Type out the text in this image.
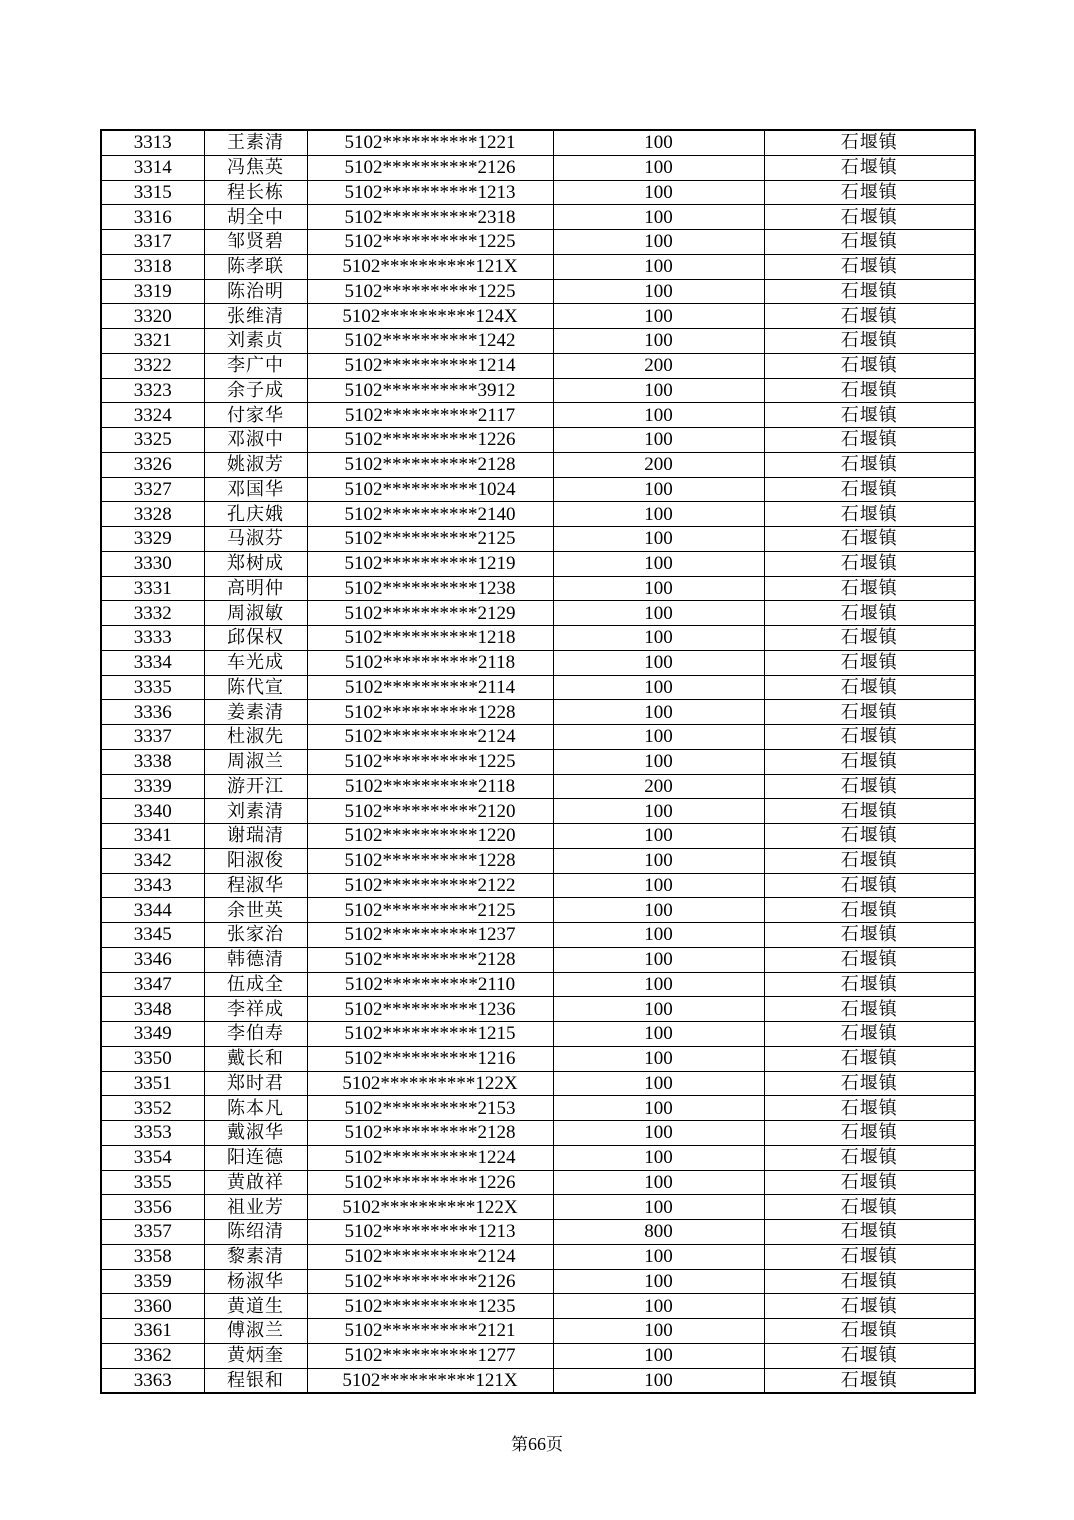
3313	王素清	5102**********1221	100	石堰镇
3314	冯焦英	5102**********2126	100	石堰镇
3315	程长栋	5102**********1213	100	石堰镇
3316	胡全中	5102**********2318	100	石堰镇
3317	邹贤碧	5102**********1225	100	石堰镇
3318	陈孝联	5102**********121X	100	石堰镇
3319	陈治明	5102**********1225	100	石堰镇
3320	张维清	5102**********124X	100	石堰镇
3321	刘素贞	5102**********1242	100	石堰镇
3322	李广中	5102**********1214	200	石堰镇
3323	余子成	5102**********3912	100	石堰镇
3324	付家华	5102**********2117	100	石堰镇
3325	邓淑中	5102**********1226	100	石堰镇
3326	姚淑芳	5102**********2128	200	石堰镇
3327	邓国华	5102**********1024	100	石堰镇
3328	孔庆娥	5102**********2140	100	石堰镇
3329	马淑芬	5102**********2125	100	石堰镇
3330	郑树成	5102**********1219	100	石堰镇
3331	高明仲	5102**********1238	100	石堰镇
3332	周淑敏	5102**********2129	100	石堰镇
3333	邱保权	5102**********1218	100	石堰镇
3334	车光成	5102**********2118	100	石堰镇
3335	陈代宣	5102**********2114	100	石堰镇
3336	姜素清	5102**********1228	100	石堰镇
3337	杜淑先	5102**********2124	100	石堰镇
3338	周淑兰	5102**********1225	100	石堰镇
3339	游开江	5102**********2118	200	石堰镇
3340	刘素清	5102**********2120	100	石堰镇
3341	谢瑞清	5102**********1220	100	石堰镇
3342	阳淑俊	5102**********1228	100	石堰镇
3343	程淑华	5102**********2122	100	石堰镇
3344	余世英	5102**********2125	100	石堰镇
3345	张家治	5102**********1237	100	石堰镇
3346	韩德清	5102**********2128	100	石堰镇
3347	伍成全	5102**********2110	100	石堰镇
3348	李祥成	5102**********1236	100	石堰镇
3349	李伯寿	5102**********1215	100	石堰镇
3350	戴长和	5102**********1216	100	石堰镇
3351	郑时君	5102**********122X	100	石堰镇
3352	陈本凡	5102**********2153	100	石堰镇
3353	戴淑华	5102**********2128	100	石堰镇
3354	阳连德	5102**********1224	100	石堰镇
3355	黄啟祥	5102**********1226	100	石堰镇
3356	祖业芳	5102**********122X	100	石堰镇
3357	陈绍清	5102**********1213	800	石堰镇
3358	黎素清	5102**********2124	100	石堰镇
3359	杨淑华	5102**********2126	100	石堰镇
3360	黄道生	5102**********1235	100	石堰镇
3361	傅淑兰	5102**********2121	100	石堰镇
3362	黄炳奎	5102**********1277	100	石堰镇
3363	程银和	5102**********121X	100	石堰镇
第66页
